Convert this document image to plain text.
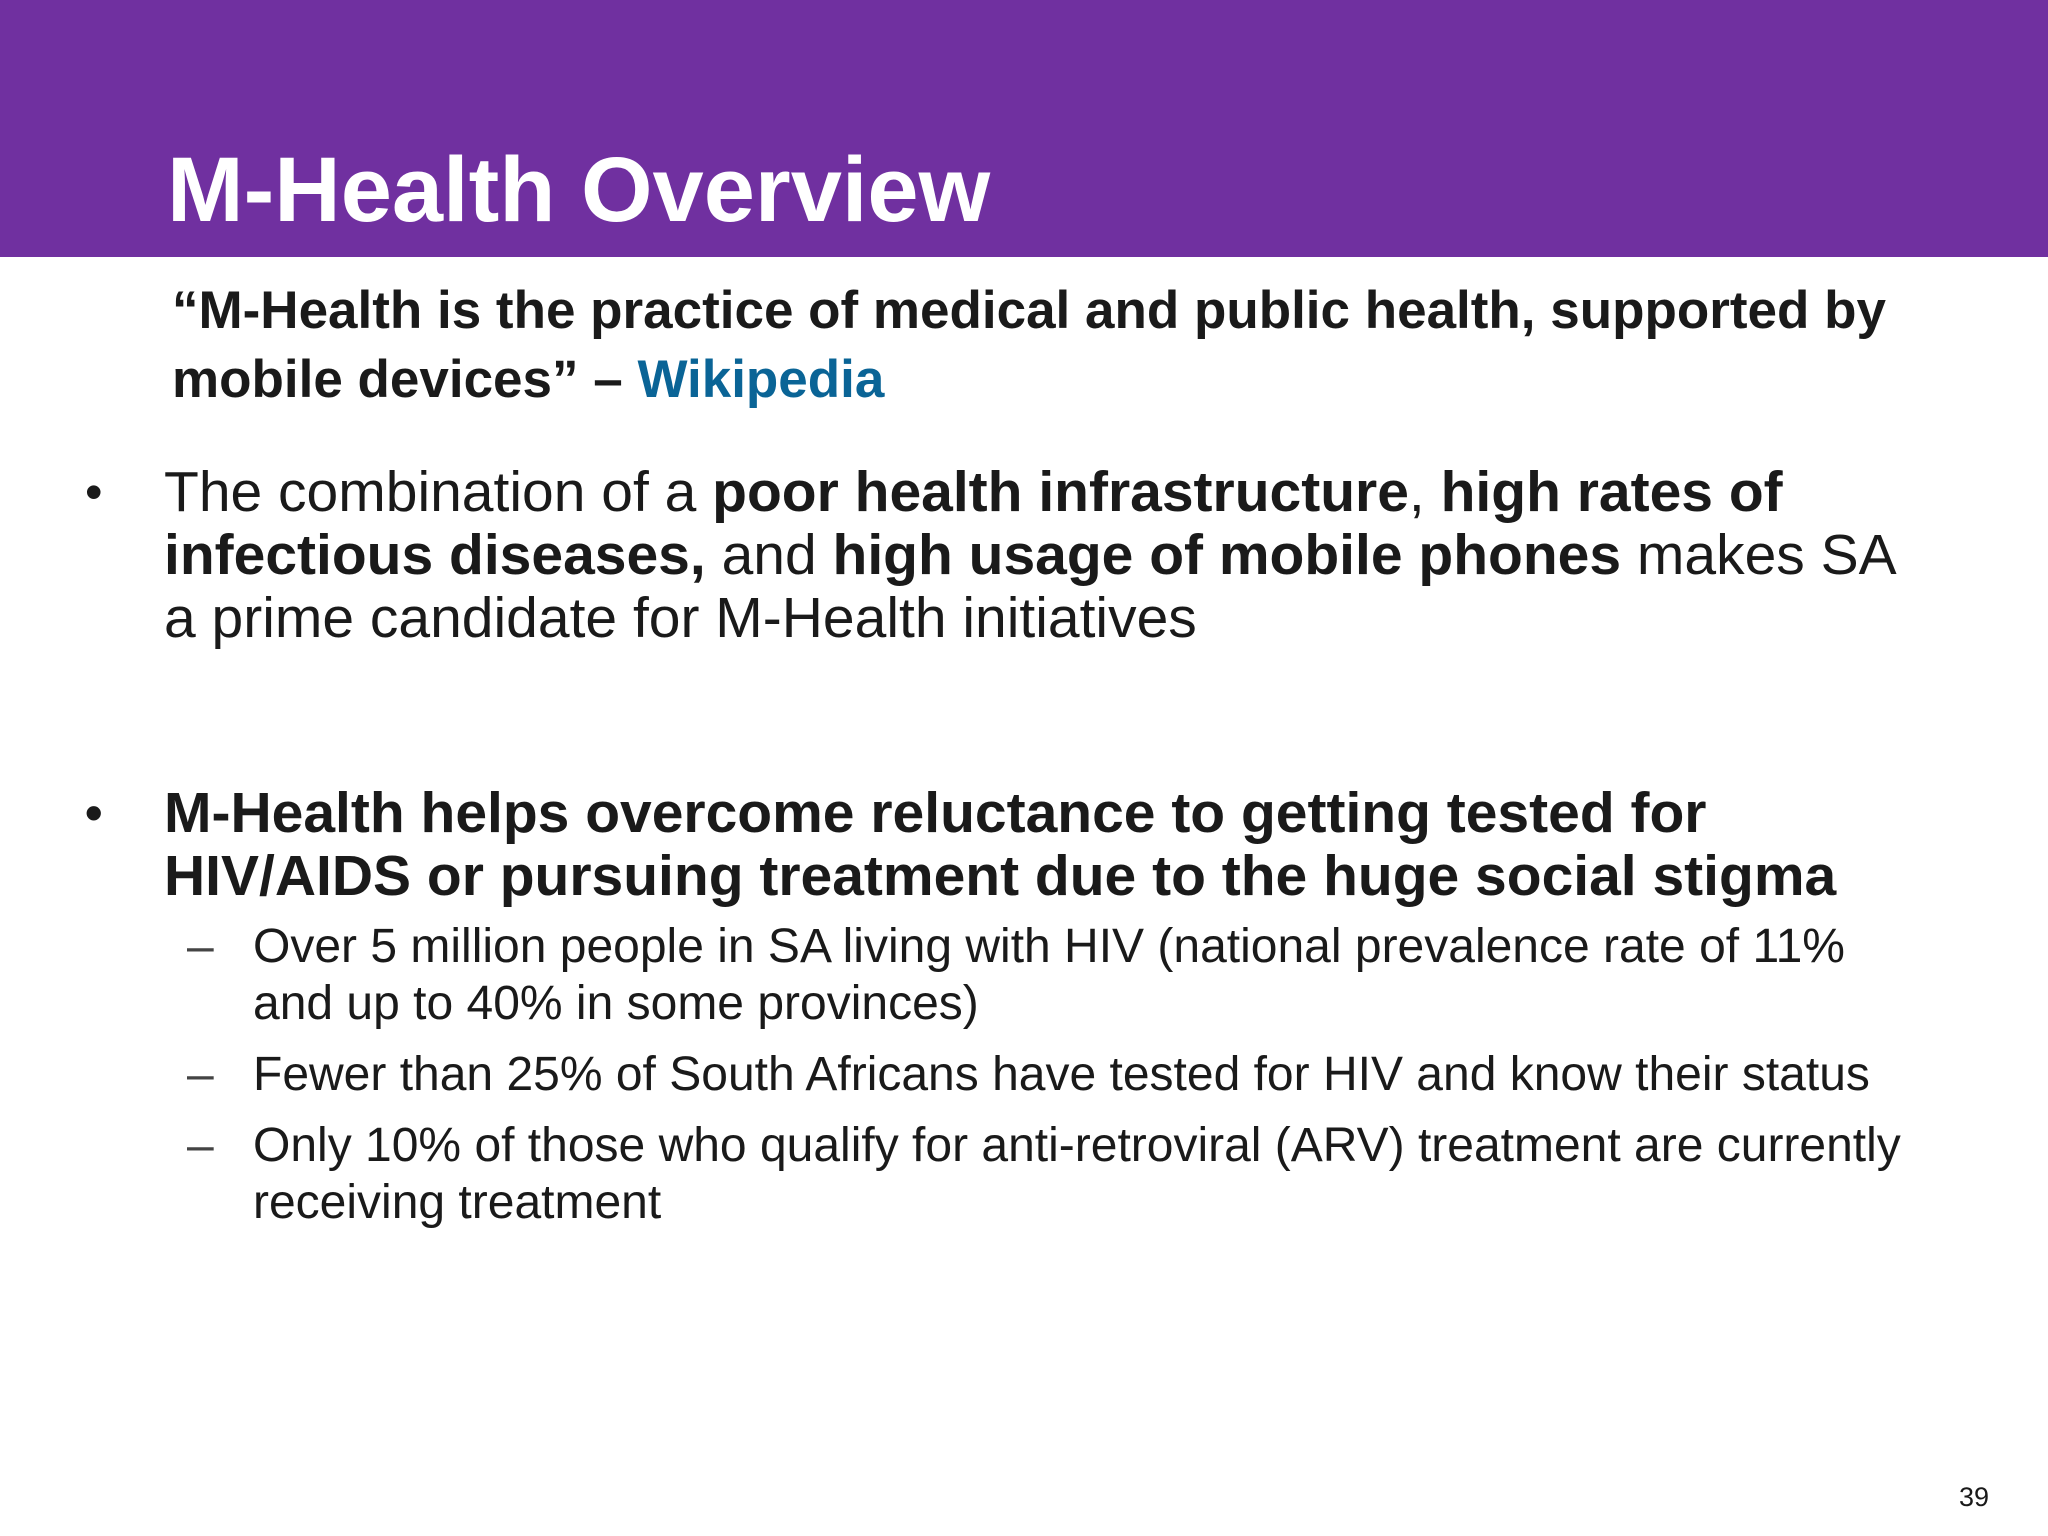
M-Health Overview
“M-Health is the practice of medical and public health, supported by mobile devices” – Wikipedia
• The combination of a poor health infrastructure, high rates of infectious diseases, and high usage of mobile phones makes SA a prime candidate for M-Health initiatives
• M-Health helps overcome reluctance to getting tested for HIV/AIDS or pursuing treatment due to the huge social stigma
– Over 5 million people in SA living with HIV (national prevalence rate of 11% and up to 40% in some provinces)
– Fewer than 25% of South Africans have tested for HIV and know their status
– Only 10% of those who qualify for anti-retroviral (ARV) treatment are currently receiving treatment
39
